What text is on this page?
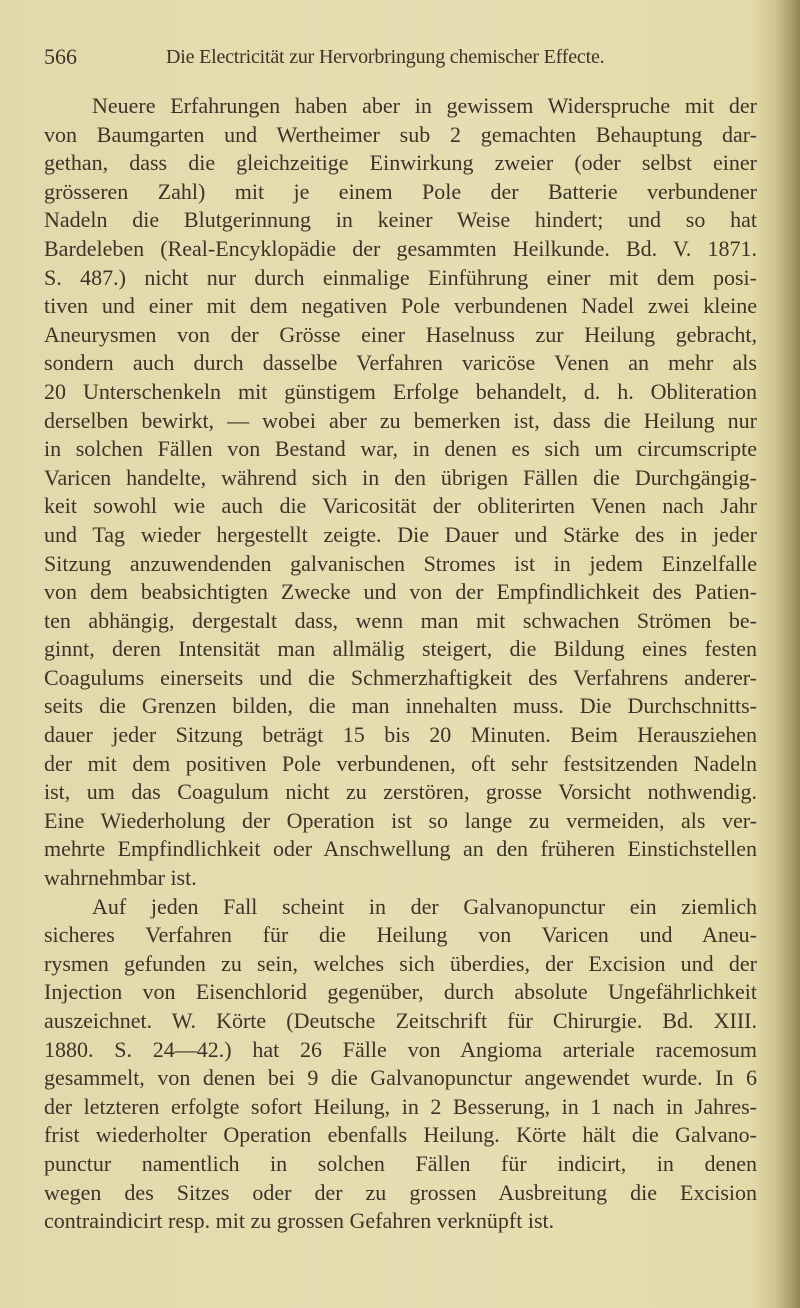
566	Die Electricität zur Hervorbringung chemischer Effecte.
Neuere Erfahrungen haben aber in gewissem Widerspruche mit der
von Baumgarten und Wertheimer sub 2 gemachten Behauptung dar-
gethan, dass die gleichzeitige Einwirkung zweier (oder selbst einer
grösseren Zahl) mit je einem Pole der Batterie verbundener
Nadeln die Blutgerinnung in keiner Weise hindert; und so hat
Bardeleben (Real-Encyklopädie der gesammten Heilkunde. Bd. V. 1871.
S. 487.) nicht nur durch einmalige Einführung einer mit dem posi-
tiven und einer mit dem negativen Pole verbundenen Nadel zwei kleine
Aneurysmen von der Grösse einer Haselnuss zur Heilung gebracht,
sondern auch durch dasselbe Verfahren varicöse Venen an mehr als
20 Unterschenkeln mit günstigem Erfolge behandelt, d. h. Obliteration
derselben bewirkt, — wobei aber zu bemerken ist, dass die Heilung nur
in solchen Fällen von Bestand war, in denen es sich um circumscripte
Varicen handelte, während sich in den übrigen Fällen die Durchgängig-
keit sowohl wie auch die Varicosität der obliterirten Venen nach Jahr
und Tag wieder hergestellt zeigte. Die Dauer und Stärke des in jeder
Sitzung anzuwendenden galvanischen Stromes ist in jedem Einzelfalle
von dem beabsichtigten Zwecke und von der Empfindlichkeit des Patien-
ten abhängig, dergestalt dass, wenn man mit schwachen Strömen be-
ginnt, deren Intensität man allmälig steigert, die Bildung eines festen
Coagulums einerseits und die Schmerzhaftigkeit des Verfahrens anderer-
seits die Grenzen bilden, die man innehalten muss. Die Durchschnitts-
dauer jeder Sitzung beträgt 15 bis 20 Minuten. Beim Herausziehen
der mit dem positiven Pole verbundenen, oft sehr festsitzenden Nadeln
ist, um das Coagulum nicht zu zerstören, grosse Vorsicht nothwendig.
Eine Wiederholung der Operation ist so lange zu vermeiden, als ver-
mehrte Empfindlichkeit oder Anschwellung an den früheren Einstichstellen
wahrnehmbar ist.
Auf jeden Fall scheint in der Galvanopunctur ein ziemlich
sicheres Verfahren für die Heilung von Varicen und Aneu-
rysmen gefunden zu sein, welches sich überdies, der Excision und der
Injection von Eisenchlorid gegenüber, durch absolute Ungefährlichkeit
auszeichnet. W. Körte (Deutsche Zeitschrift für Chirurgie. Bd. XIII.
1880. S. 24—42.) hat 26 Fälle von Angioma arteriale racemosum
gesammelt, von denen bei 9 die Galvanopunctur angewendet wurde. In 6
der letzteren erfolgte sofort Heilung, in 2 Besserung, in 1 nach in Jahres-
frist wiederholter Operation ebenfalls Heilung. Körte hält die Galvano-
punctur namentlich in solchen Fällen für indicirt, in denen
wegen des Sitzes oder der zu grossen Ausbreitung die Excision
contraindicirt resp. mit zu grossen Gefahren verknüpft ist.
